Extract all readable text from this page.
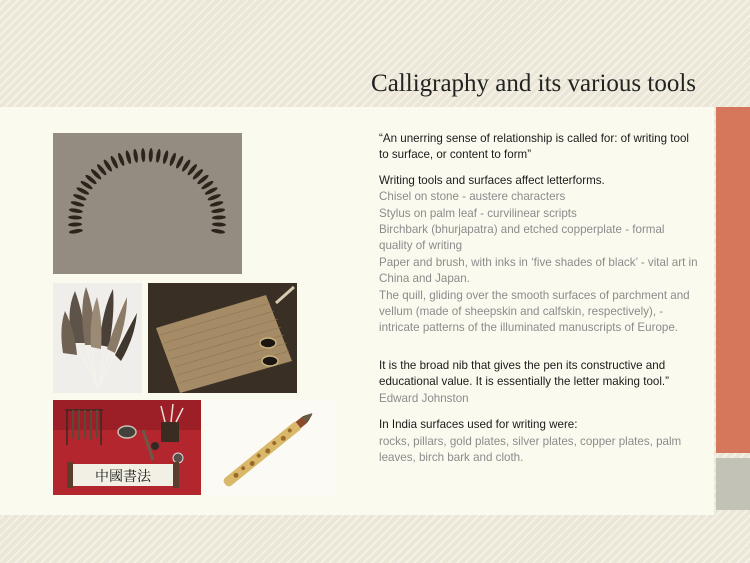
Calligraphy and its various tools
中國書法

“An unerring sense of relationship is called for: of writing tool to surface, or content to form”

Writing tools and surfaces affect letterforms.

Chisel on stone - austere characters

Stylus on palm leaf - curvilinear scripts

Birchbark (bhurjapatra) and etched copperplate - formal quality of writing

Paper and brush, with inks in ‘five shades of black’ - vital art in China and Japan.

The quill, gliding over the smooth surfaces of parchment and vellum (made of sheepskin and calfskin, respectively), - intricate patterns of the illuminated manuscripts of Europe.

It is the broad nib that gives the pen its constructive and educational value. It is essentially the letter making tool.”

Edward Johnston

In India surfaces used for writing were:

rocks, pillars, gold plates, silver plates, copper plates, palm leaves, birch bark and cloth.
